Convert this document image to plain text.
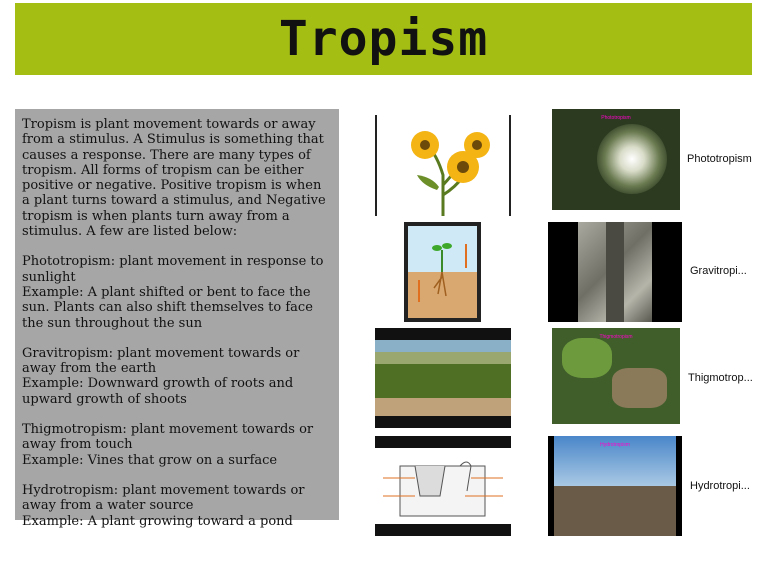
Tropism

Tropism is plant movement towards or away from a stimulus. A Stimulus is something that causes a response. There are many types of tropism. All forms of tropism can be either positive or negative. Positive tropism is when a plant turns toward a stimulus, and Negative tropism is when plants turn away from a stimulus. A few are listed below:

Phototropism: plant movement in response to sunlight
Example: A plant shifted or bent to face the sun. Plants can also shift themselves to face the sun throughout the sun

Gravitropism: plant movement towards or away from the earth
Example: Downward growth of roots and upward growth of shoots

Thigmotropism: plant movement towards or away from touch
Example: Vines that grow on a surface

Hydrotropism: plant movement towards or away from a water source
Example: A plant growing toward a pond

Phototropism
Phototropism
Gravitropi...
Thigmotropism
Thigmotrop...
Hydrotropism
Hydrotropi...
